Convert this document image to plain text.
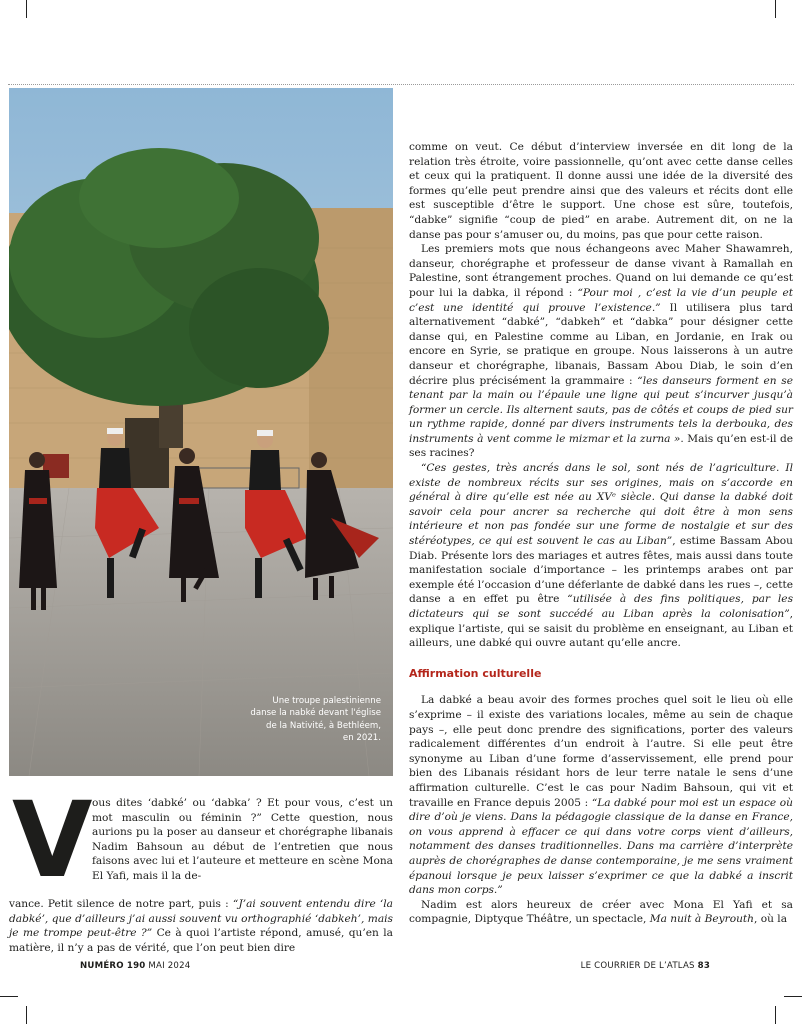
Une troupe palestinienne
danse la nabké devant l'église
de la Nativité, à Bethléem,
en 2021.
V ous dites ‘dabké’ ou ‘dabka’ ? Et pour vous, c’est un mot masculin ou féminin ?” Cette question, nous aurions pu la poser au danseur et chorégraphe libanais Nadim Bahsoun au début de l’entretien que nous faisons avec lui et l’auteure et metteure en scène Mona El Yafi, mais il la de-
vance. Petit silence de notre part, puis : “J’ai souvent entendu dire ‘la dabké’, que d’ailleurs j’ai aussi souvent vu orthographié ‘dabkeh’, mais je me trompe peut-être ?” Ce à quoi l’artiste répond, amusé, qu’en la matière, il n’y a pas de vérité, que l’on peut bien dire

comme on veut. Ce début d’interview inversée en dit long de la relation très étroite, voire passionnelle, qu’ont avec cette danse celles et ceux qui la pratiquent. Il donne aussi une idée de la diversité des formes qu’elle peut prendre ainsi que des valeurs et récits dont elle est susceptible d’être le support. Une chose est sûre, toutefois, “dabke” signifie “coup de pied” en arabe. Autrement dit, on ne la danse pas pour s’amuser ou, du moins, pas que pour cette raison.

Les premiers mots que nous échangeons avec Maher Shawamreh, danseur, chorégraphe et professeur de danse vivant à Ramallah en Palestine, sont étrangement proches. Quand on lui demande ce qu’est pour lui la dabka, il répond : “Pour moi , c’est la vie d’un peuple et c’est une identité qui prouve l’existence.” Il utilisera plus tard alternativement “dabké”, “dabkeh” et “dabka” pour désigner cette danse qui, en Palestine comme au Liban, en Jordanie, en Irak ou encore en Syrie, se pratique en groupe. Nous laisserons à un autre danseur et chorégraphe, libanais, Bassam Abou Diab, le soin d’en décrire plus précisément la grammaire : “les danseurs forment en se tenant par la main ou l’épaule une ligne qui peut s’incurver jusqu’à former un cercle. Ils alternent sauts, pas de côtés et coups de pied sur un rythme rapide, donné par divers instruments tels la derbouka, des instruments à vent comme le mizmar et la zurna ». Mais qu’en est-il de ses racines?

“Ces gestes, très ancrés dans le sol, sont nés de l’agriculture. Il existe de nombreux récits sur ses origines, mais on s’accorde en général à dire qu’elle est née au XVᵉ siècle. Qui danse la dabké doit savoir cela pour ancrer sa recherche qui doit être à mon sens intérieure et non pas fondée sur une forme de nostalgie et sur des stéréotypes, ce qui est souvent le cas au Liban”, estime Bassam Abou Diab. Présente lors des mariages et autres fêtes, mais aussi dans toute manifestation sociale d’importance – les printemps arabes ont par exemple été l’occasion d’une déferlante de dabké dans les rues –, cette danse a en effet pu être “utilisée à des fins politiques, par les dictateurs qui se sont succédé au Liban après la colonisation”, explique l’artiste, qui se saisit du problème en enseignant, au Liban et ailleurs, une dabké qui ouvre autant qu’elle ancre.

Affirmation culturelle

La dabké a beau avoir des formes proches quel soit le lieu où elle s’exprime – il existe des variations locales, même au sein de chaque pays –, elle peut donc prendre des significations, porter des valeurs radicalement différentes d’un endroit à l’autre. Si elle peut être synonyme au Liban d’une forme d’asservissement, elle prend pour bien des Libanais résidant hors de leur terre natale le sens d’une affirmation culturelle. C’est le cas pour Nadim Bahsoun, qui vit et travaille en France depuis 2005 : “La dabké pour moi est un espace où dire d’où je viens. Dans la pédagogie classique de la danse en France, on vous apprend à effacer ce qui dans votre corps vient d’ailleurs, notamment des danses traditionnelles. Dans ma carrière d’interprète auprès de chorégraphes de danse contemporaine, je me sens vraiment épanoui lorsque je peux laisser s’exprimer ce que la dabké a inscrit dans mon corps.”

Nadim est alors heureux de créer avec Mona El Yafi et sa compagnie, Diptyque Théâtre, un spectacle, Ma nuit à Beyrouth, où la

NUMÉRO 190 MAI 2024	LE COURRIER DE L’ATLAS 83
